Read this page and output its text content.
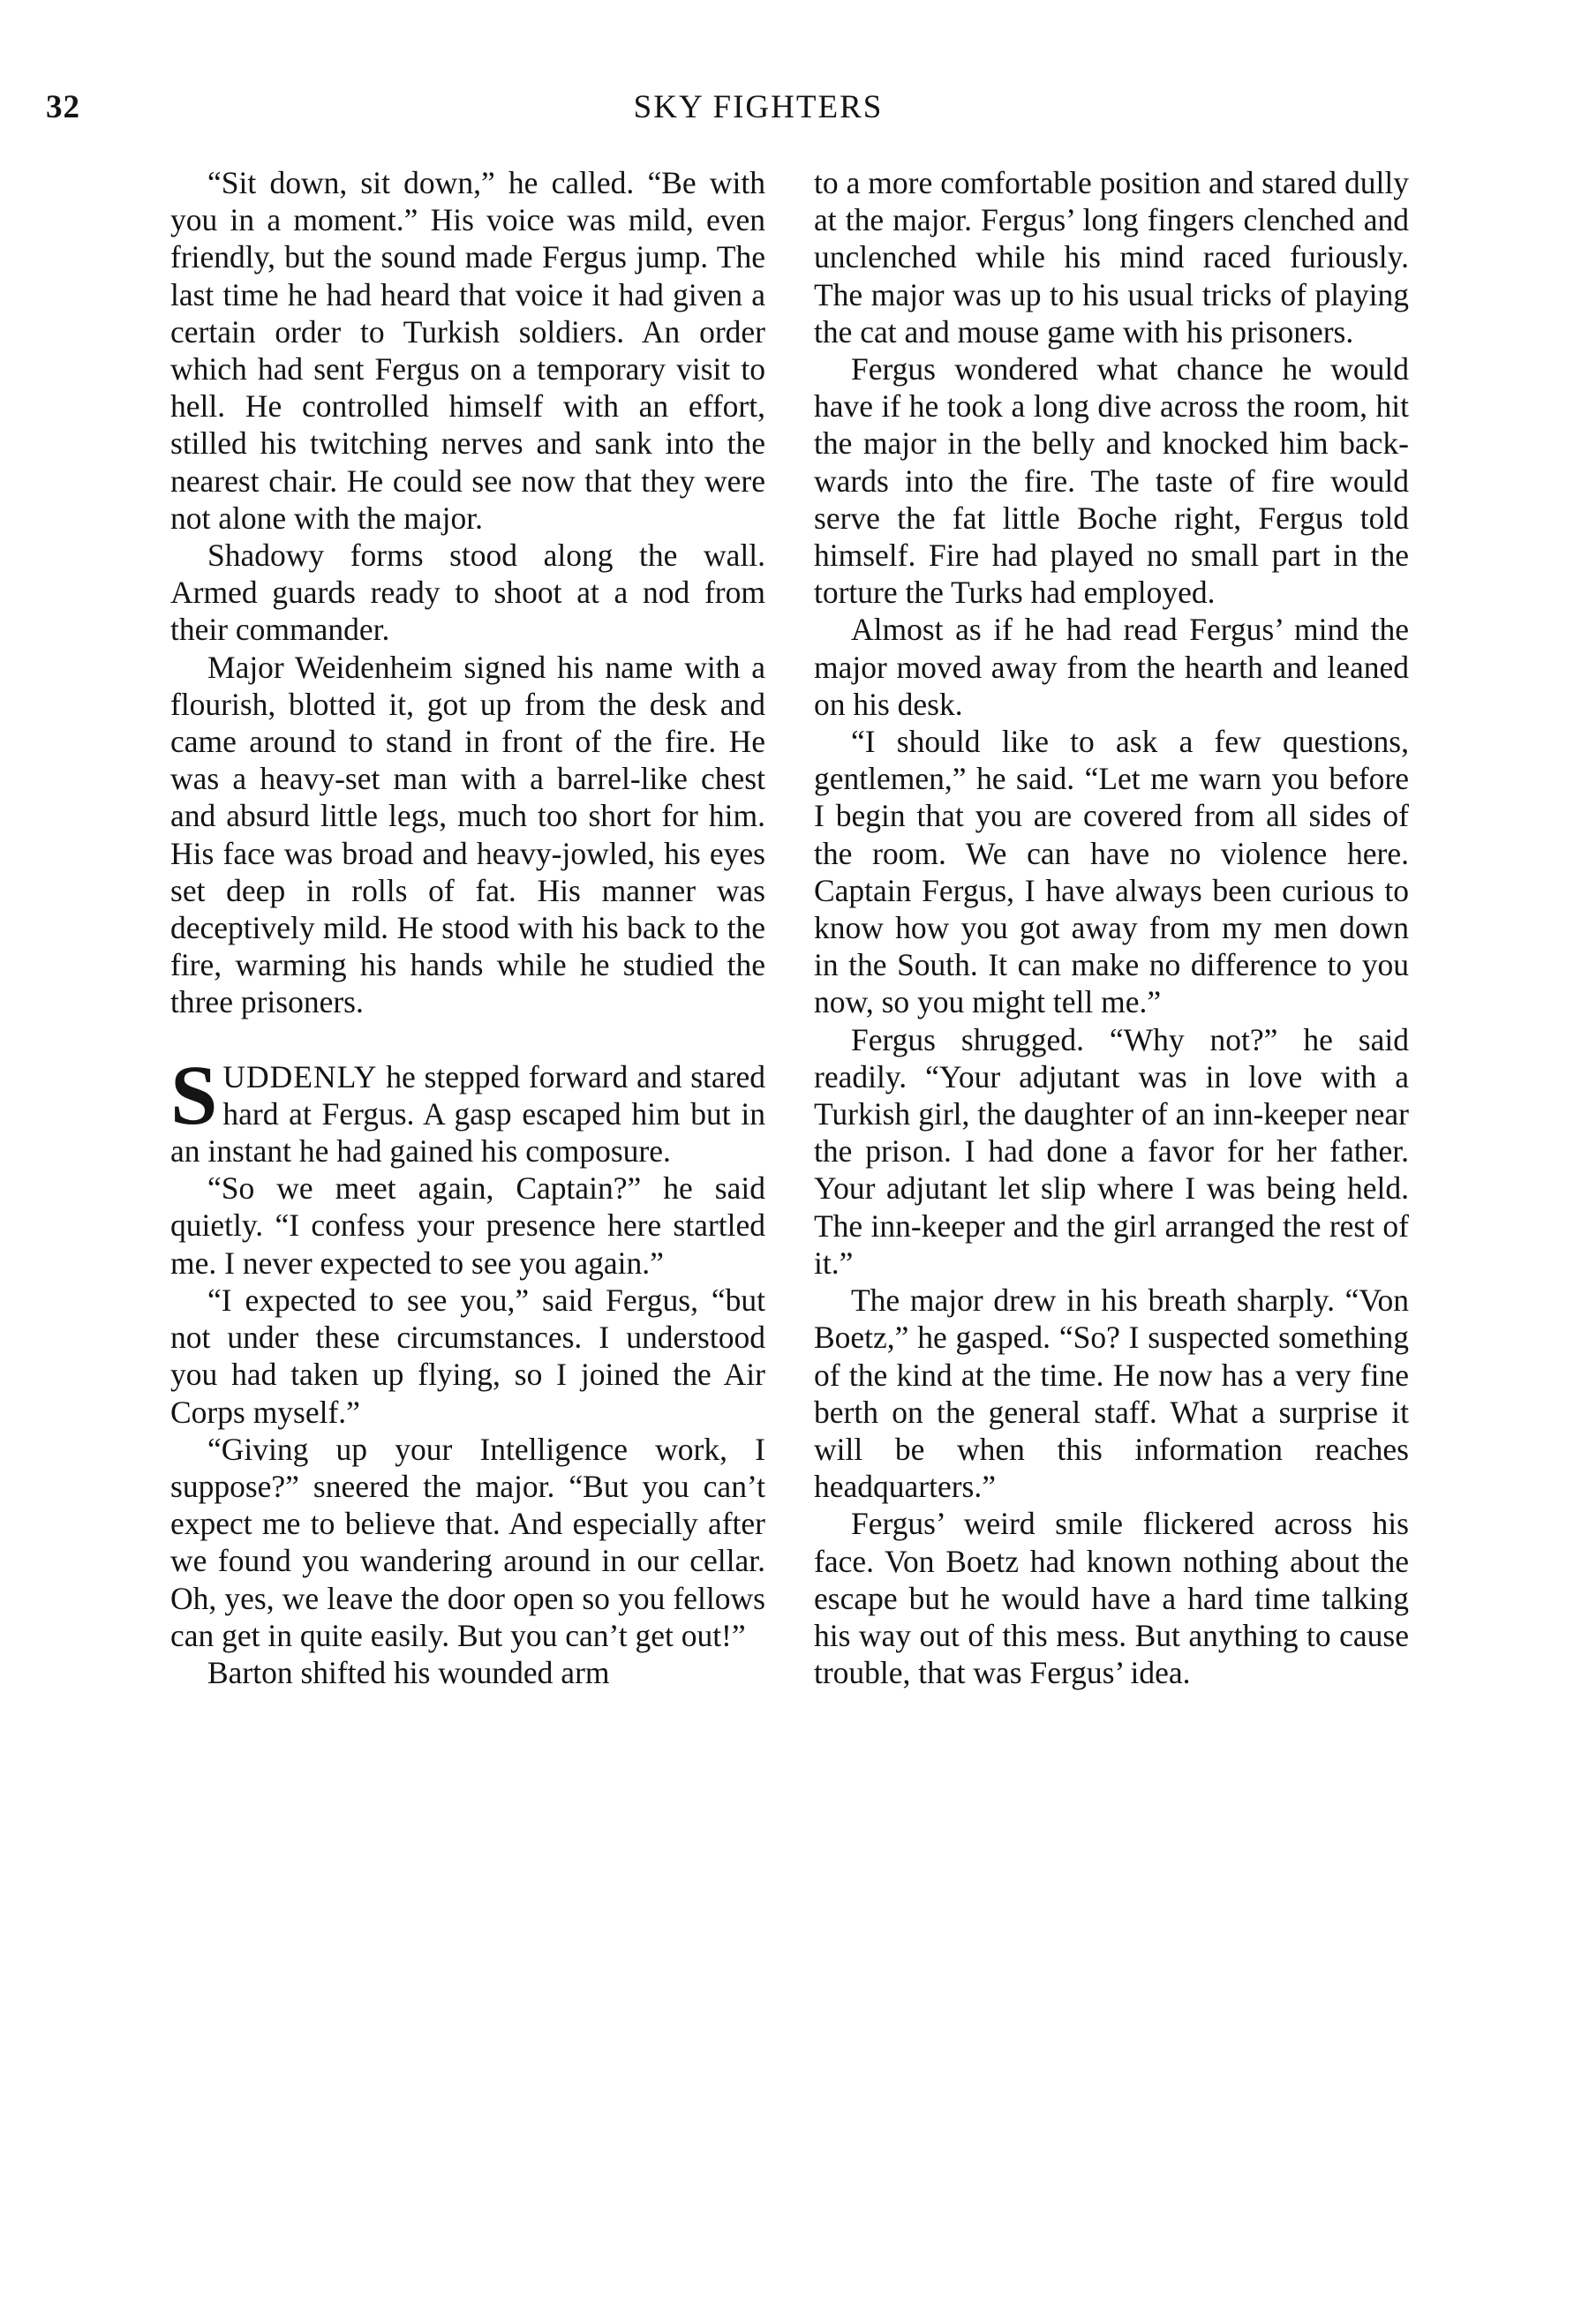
32	SKY FIGHTERS

“Sit down, sit down,” he called. “Be with you in a moment.” His voice was mild, even friendly, but the sound made Fergus jump. The last time he had heard that voice it had given a certain order to Turkish soldiers. An order which had sent Fergus on a temporary visit to hell. He controlled himself with an effort, stilled his twitching nerves and sank into the nearest chair. He could see now that they were not alone with the major.

Shadowy forms stood along the wall. Armed guards ready to shoot at a nod from their commander.

Major Weidenheim signed his name with a flourish, blotted it, got up from the desk and came around to stand in front of the fire. He was a heavy-set man with a barrel-like chest and absurd little legs, much too short for him. His face was broad and heavy-jowled, his eyes set deep in rolls of fat. His manner was deceptively mild. He stood with his back to the fire, warming his hands while he studied the three prisoners.

SUDDENLY he stepped forward and stared hard at Fergus. A gasp escaped him but in an instant he had gained his composure.

“So we meet again, Captain?” he said quietly. “I confess your presence here startled me. I never expected to see you again.”

“I expected to see you,” said Fergus, “but not under these circumstances. I understood you had taken up flying, so I joined the Air Corps myself.”

“Giving up your Intelligence work, I suppose?” sneered the major. “But you can’t expect me to believe that. And especially after we found you wandering around in our cellar. Oh, yes, we leave the door open so you fellows can get in quite easily. But you can’t get out!”

Barton shifted his wounded arm

to a more comfortable position and stared dully at the major. Fergus’ long fingers clenched and unclenched while his mind raced furiously. The major was up to his usual tricks of playing the cat and mouse game with his prisoners.

Fergus wondered what chance he would have if he took a long dive across the room, hit the major in the belly and knocked him backwards into the fire. The taste of fire would serve the fat little Boche right, Fergus told himself. Fire had played no small part in the torture the Turks had employed.

Almost as if he had read Fergus’ mind the major moved away from the hearth and leaned on his desk.

“I should like to ask a few questions, gentlemen,” he said. “Let me warn you before I begin that you are covered from all sides of the room. We can have no violence here. Captain Fergus, I have always been curious to know how you got away from my men down in the South. It can make no difference to you now, so you might tell me.”

Fergus shrugged. “Why not?” he said readily. “Your adjutant was in love with a Turkish girl, the daughter of an inn-keeper near the prison. I had done a favor for her father. Your adjutant let slip where I was being held. The inn-keeper and the girl arranged the rest of it.”

The major drew in his breath sharply. “Von Boetz,” he gasped. “So? I suspected something of the kind at the time. He now has a very fine berth on the general staff. What a surprise it will be when this information reaches headquarters.”

Fergus’ weird smile flickered across his face. Von Boetz had known nothing about the escape but he would have a hard time talking his way out of this mess. But anything to cause trouble, that was Fergus’ idea.
